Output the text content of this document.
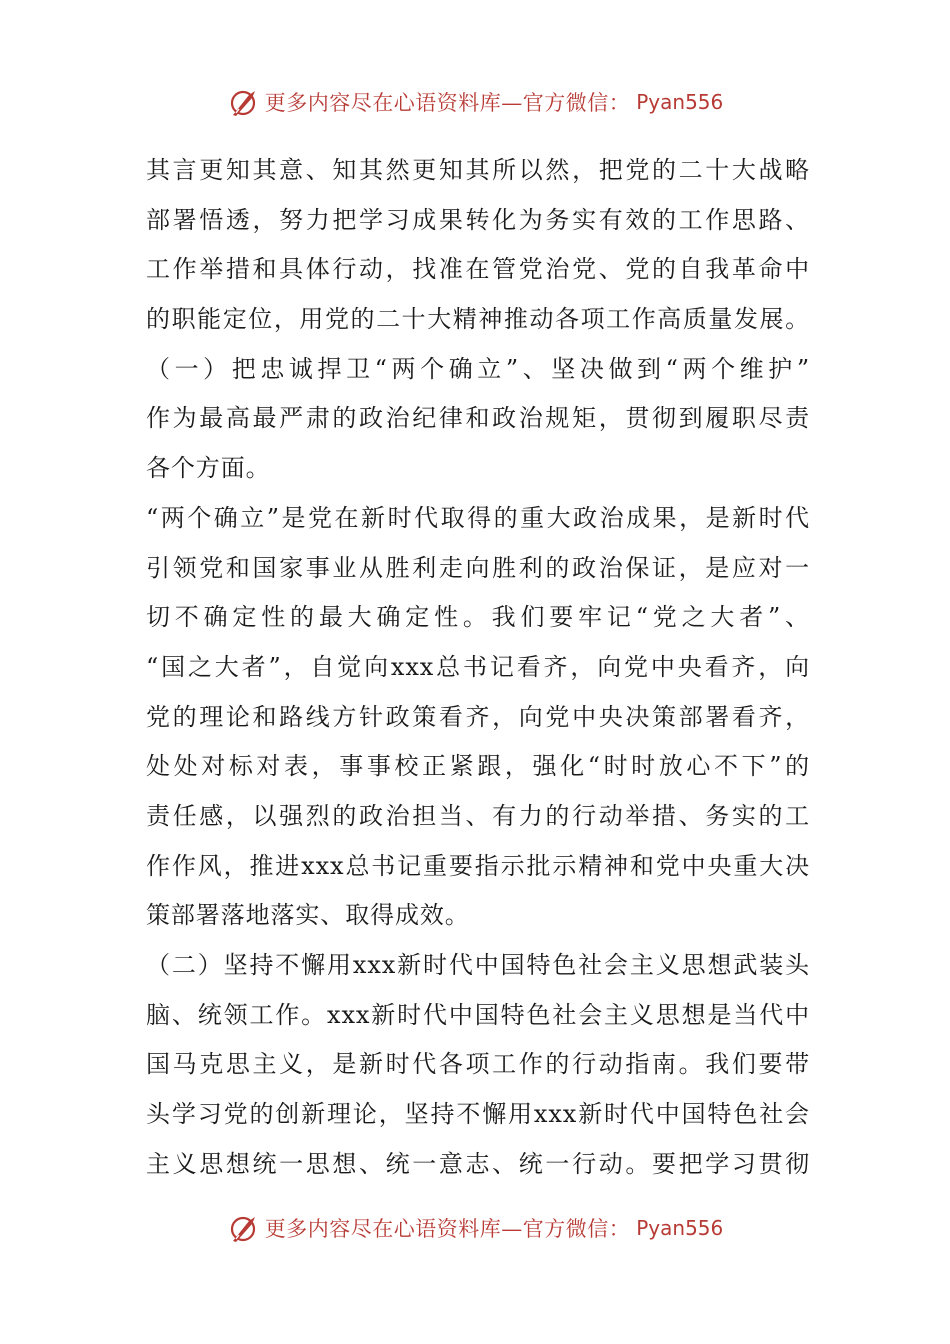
更多内容尽在心语资料库—官方微信： Pyan556
其言更知其意、知其然更知其所以然，把党的二十大战略
部署悟透，努力把学习成果转化为务实有效的工作思路、
工作举措和具体行动，找准在管党治党、党的自我革命中
的职能定位，用党的二十大精神推动各项工作高质量发展。
（一）把忠诚捍卫“两个确立”、坚决做到“两个维护”
作为最高最严肃的政治纪律和政治规矩，贯彻到履职尽责
各个方面。
“两个确立”是党在新时代取得的重大政治成果，是新时代
引领党和国家事业从胜利走向胜利的政治保证，是应对一
切不确定性的最大确定性。我们要牢记“党之大者”、
“国之大者”，自觉向xxx总书记看齐，向党中央看齐，向
党的理论和路线方针政策看齐，向党中央决策部署看齐，
处处对标对表，事事校正紧跟，强化“时时放心不下”的
责任感，以强烈的政治担当、有力的行动举措、务实的工
作作风，推进xxx总书记重要指示批示精神和党中央重大决
策部署落地落实、取得成效。
（二）坚持不懈用xxx新时代中国特色社会主义思想武装头
脑、统领工作。xxx新时代中国特色社会主义思想是当代中
国马克思主义，是新时代各项工作的行动指南。我们要带
头学习党的创新理论，坚持不懈用xxx新时代中国特色社会
主义思想统一思想、统一意志、统一行动。要把学习贯彻
更多内容尽在心语资料库—官方微信： Pyan556
